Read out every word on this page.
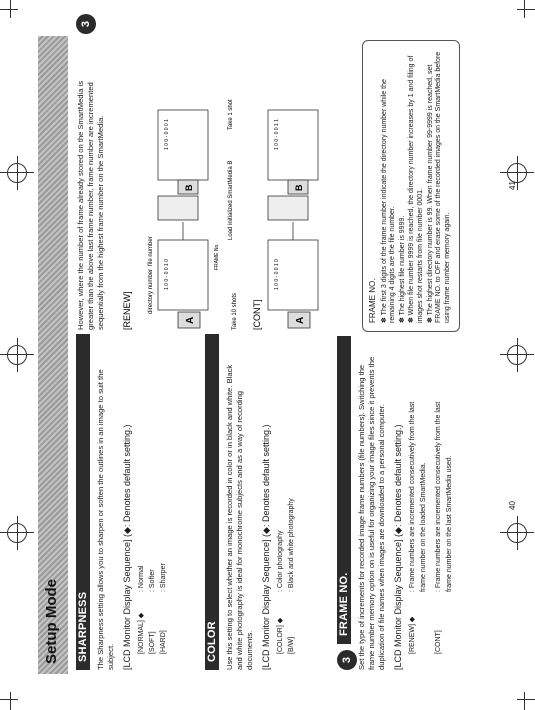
Setup Mode SHARPNESS The Sharpness setting allows you to sharpen or soften the outlines in an image to suit the subject. [LCD Monitor Display Sequence] (◆: Denotes default setting.) [NORMAL] ◆
: Normal
[SOFT]
: Softer
[HARD]
: Sharper
COLOR Use this setting to select whether an image is recorded in color or in black and white. Black and white photography is ideal for monochrome subjects and as a way of recording documents. [LCD Monitor Display Sequence] (◆: Denotes default setting.) [COLOR] ◆
: Color photography
[B/W]
: Black and white photography
3
FRAME NO. Set the type of increments for recorded image frame numbers (file numbers). Switching the frame number memory option on is useful for organizing your image files since it prevents the duplication of file names when images are downloaded to a personal computer. [LCD Monitor Display Sequence] (◆: Denotes default setting.) [RENEW] ◆
: Frame numbers are incremented consecutively from the last frame number on the loaded SmartMedia.
[CONT]
: Frame numbers are incremented consecutively from the last frame number on the last SmartMedia used.	40

However, where the number of frame already stored on the SmartMedia is greater than the above last frame number, frame number are incremented sequentially from the highest frame number on the SmartMedia.

3
[RENEW]	directory number
file number
1 0 0 - 0 0 1 0
FRAME No.
A
1 0 0 - 0 0 0 1
B
Take 10 shots
Load initialized SmartMedia B
Take 1 shot
[CONT]
1 0 0 - 0 0 1 0
A
1 0 0 - 0 0 1 1
B
FRAME NO. ✽ The first 3 digits of the frame number indicate the directory number while the remaining 4 digits are the file number. ✽ The highest file number is 9999.
✽ When file number 9999 is reached, the directory number increases by 1 and filing of images shot restarts from file number 0001. ✽ The highest directory number is 99. When frame number 99-9999 is reached, set FRAME NO. to OFF and erase some of the recorded images on the SmartMedia before using frame number memory again.
41
